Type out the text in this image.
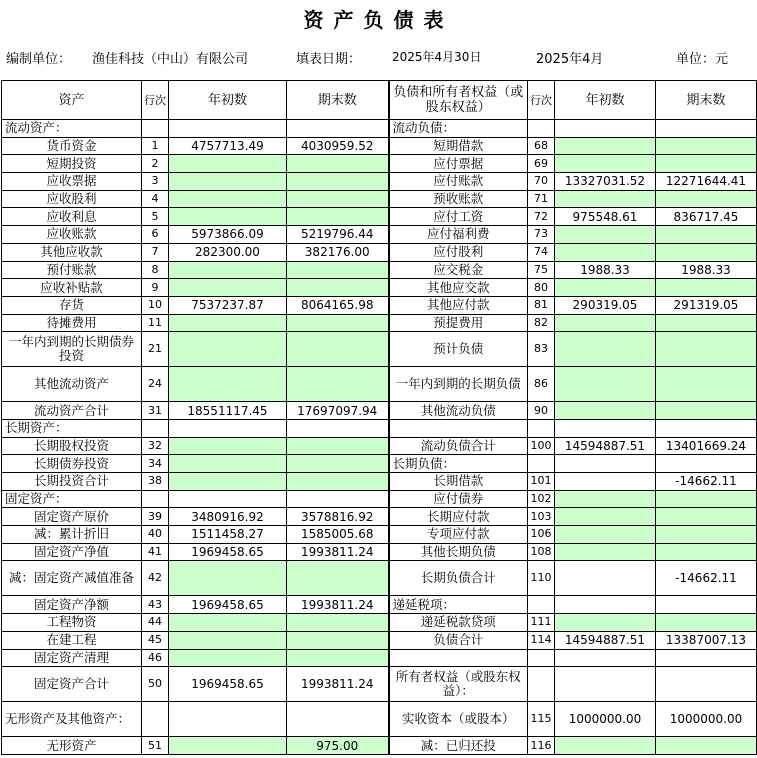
资产负债表
编制单位： 渔佳科技（中山）有限公司	填表日期：	2025年4月30日	2025年4月	单位：元
资产	行次	年初数	期末数	负债和所有者权益（或股东权益）	行次	年初数	期末数
流动资产：				流动负债：			
货币资金	1	4757713.49	4030959.52	短期借款	68		
短期投资	2			应付票据	69		
应收票据	3			应付账款	70	13327031.52	12271644.41
应收股利	4			预收账款	71		
应收利息	5			应付工资	72	975548.61	836717.45
应收账款	6	5973866.09	5219796.44	应付福利费	73		
其他应收款	7	282300.00	382176.00	应付股利	74		
预付账款	8			应交税金	75	1988.33	1988.33
应收补贴款	9			其他应交款	80		
存货	10	7537237.87	8064165.98	其他应付款	81	290319.05	291319.05
待摊费用	11			预提费用	82		
一年内到期的长期债券投资	21			预计负债	83		
其他流动资产	24			一年内到期的长期负债	86		
流动资产合计	31	18551117.45	17697097.94	其他流动负债	90		
长期资产：							
长期股权投资	32			流动负债合计	100	14594887.51	13401669.24
长期债券投资	34			长期负债：			
长期投资合计	38			长期借款	101		-14662.11
固定资产：				应付债券	102		
固定资产原价	39	3480916.92	3578816.92	长期应付款	103		
减：累计折旧	40	1511458.27	1585005.68	专项应付款	106		
固定资产净值	41	1969458.65	1993811.24	其他长期负债	108		
减：固定资产减值准备	42			长期负债合计	110		-14662.11
固定资产净额	43	1969458.65	1993811.24	递延税项：			
工程物资	44			递延税款贷项	111		
在建工程	45			负债合计	114	14594887.51	13387007.13
固定资产清理	46						
固定资产合计	50	1969458.65	1993811.24	所有者权益（或股东权益）：			
无形资产及其他资产：				实收资本（或股本）	115	1000000.00	1000000.00
无形资产	51		975.00	减：已归还投	116		
